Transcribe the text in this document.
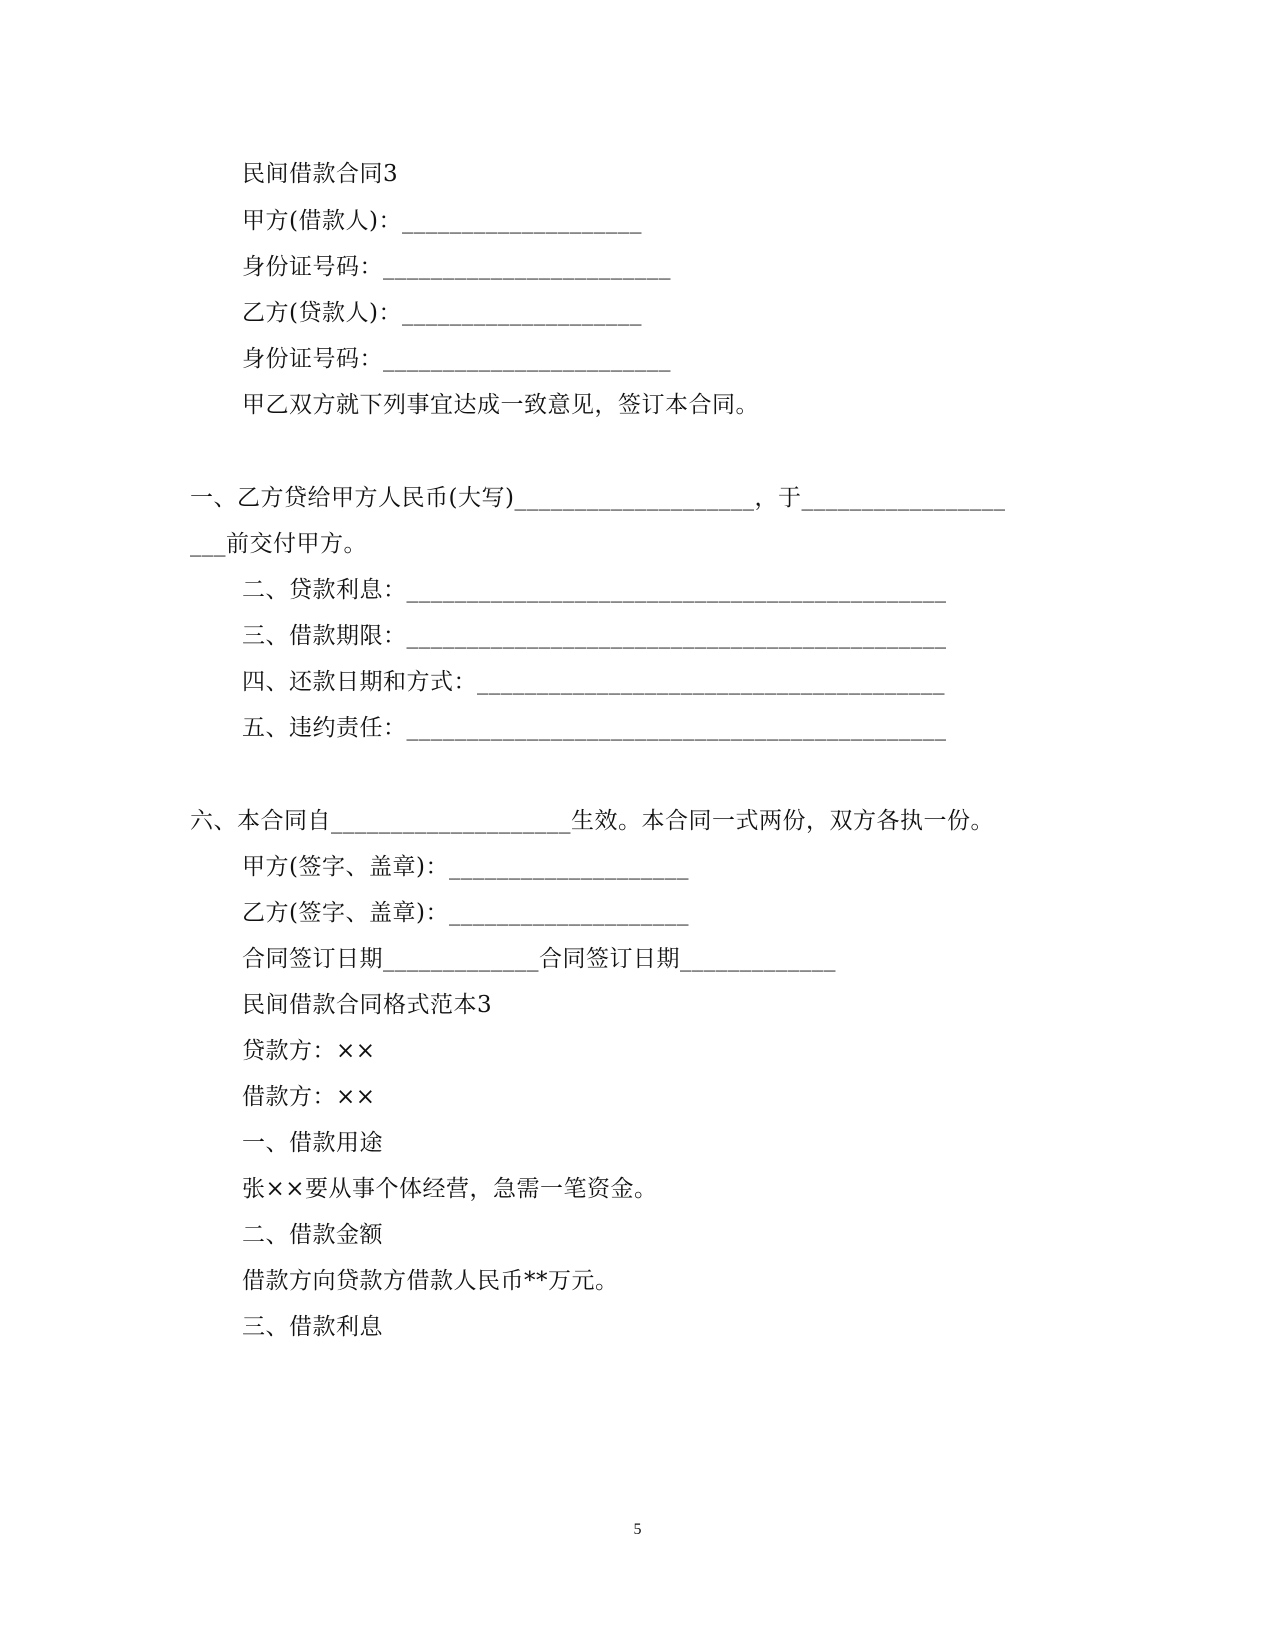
民间借款合同3
甲方(借款人)：____________________
身份证号码：________________________
乙方(贷款人)：____________________
身份证号码：________________________
甲乙双方就下列事宜达成一致意见，签订本合同。
一、乙方贷给甲方人民币(大写)____________________，于_________________
___前交付甲方。
二、贷款利息：_____________________________________________
三、借款期限：_____________________________________________
四、还款日期和方式：_______________________________________
五、违约责任：_____________________________________________
六、本合同自____________________生效。本合同一式两份，双方各执一份。
甲方(签字、盖章)：____________________
乙方(签字、盖章)：____________________
合同签订日期_____________合同签订日期_____________
民间借款合同格式范本3
贷款方：××
借款方：××
一、借款用途
张××要从事个体经营，急需一笔资金。
二、借款金额
借款方向贷款方借款人民币**万元。
三、借款利息
5
